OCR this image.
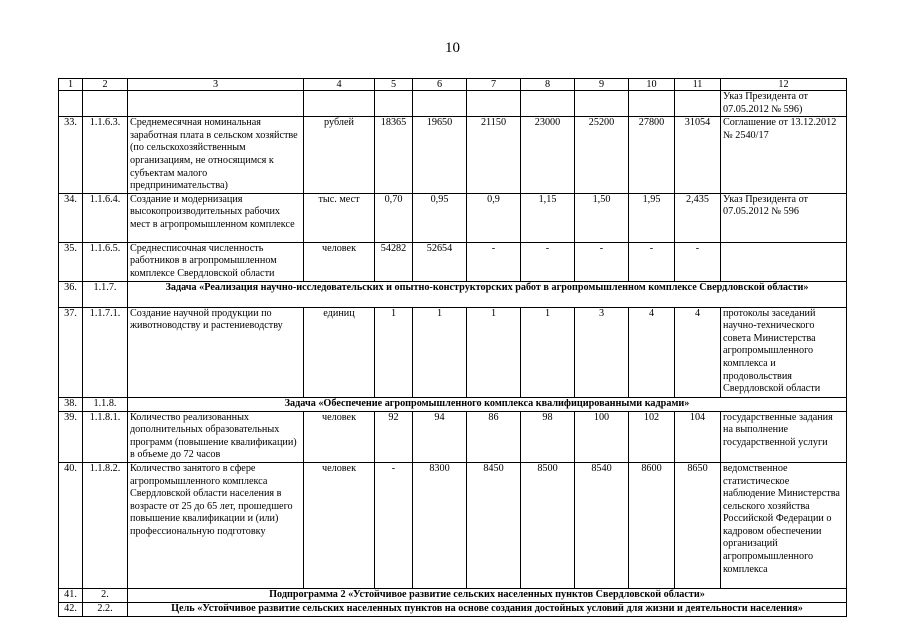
10
1	2	3	4	5	6	7	8	9	10	11	12
											Указ Президента от 07.05.2012 № 596)
33.	1.1.6.3.	Среднемесячная номинальная заработная плата в сельском хозяйстве (по сельскохозяйственным организациям, не относящимся к субъектам малого предпринимательства)	рублей	18365	19650	21150	23000	25200	27800	31054	Соглашение от 13.12.2012 № 2540/17
34.	1.1.6.4.	Создание и модернизация высокопроизводительных рабочих мест в агропромышленном комплексе	тыс. мест	0,70	0,95	0,9	1,15	1,50	1,95	2,435	Указ Президента от 07.05.2012 № 596
35.	1.1.6.5.	Среднесписочная численность работников в агропромышленном комплексе Свердловской области	человек	54282	52654	-	-	-	-	-	
36.	1.1.7.	Задача «Реализация научно-исследовательских и опытно-конструкторских работ в агропромышленном комплексе Свердловской области»									
37.	1.1.7.1.	Создание научной продукции по животноводству и растениеводству	единиц	1	1	1	1	3	4	4	протоколы заседаний научно-технического совета Министерства агропромышленного комплекса и продовольствия Свердловской области
38.	1.1.8.	Задача «Обеспечение агропромышленного комплекса квалифицированными кадрами»									
39.	1.1.8.1.	Количество реализованных дополнительных образовательных программ (повышение квалификации) в объеме до 72 часов	человек	92	94	86	98	100	102	104	государственные задания на выполнение государственной услуги
40.	1.1.8.2.	Количество занятого в сфере агропромышленного комплекса Свердловской области населения в возрасте от 25 до 65 лет, прошедшего повышение квалификации и (или) профессиональную подготовку	человек	-	8300	8450	8500	8540	8600	8650	ведомственное статистическое наблюдение Министерства сельского хозяйства Российской Федерации о кадровом обеспечении организаций агропромышленного комплекса
41.	2.	Подпрограмма 2 «Устойчивое развитие сельских населенных пунктов Свердловской области»									
42.	2.2.	Цель «Устойчивое развитие сельских населенных пунктов на основе создания достойных условий для жизни и деятельности населения»									
